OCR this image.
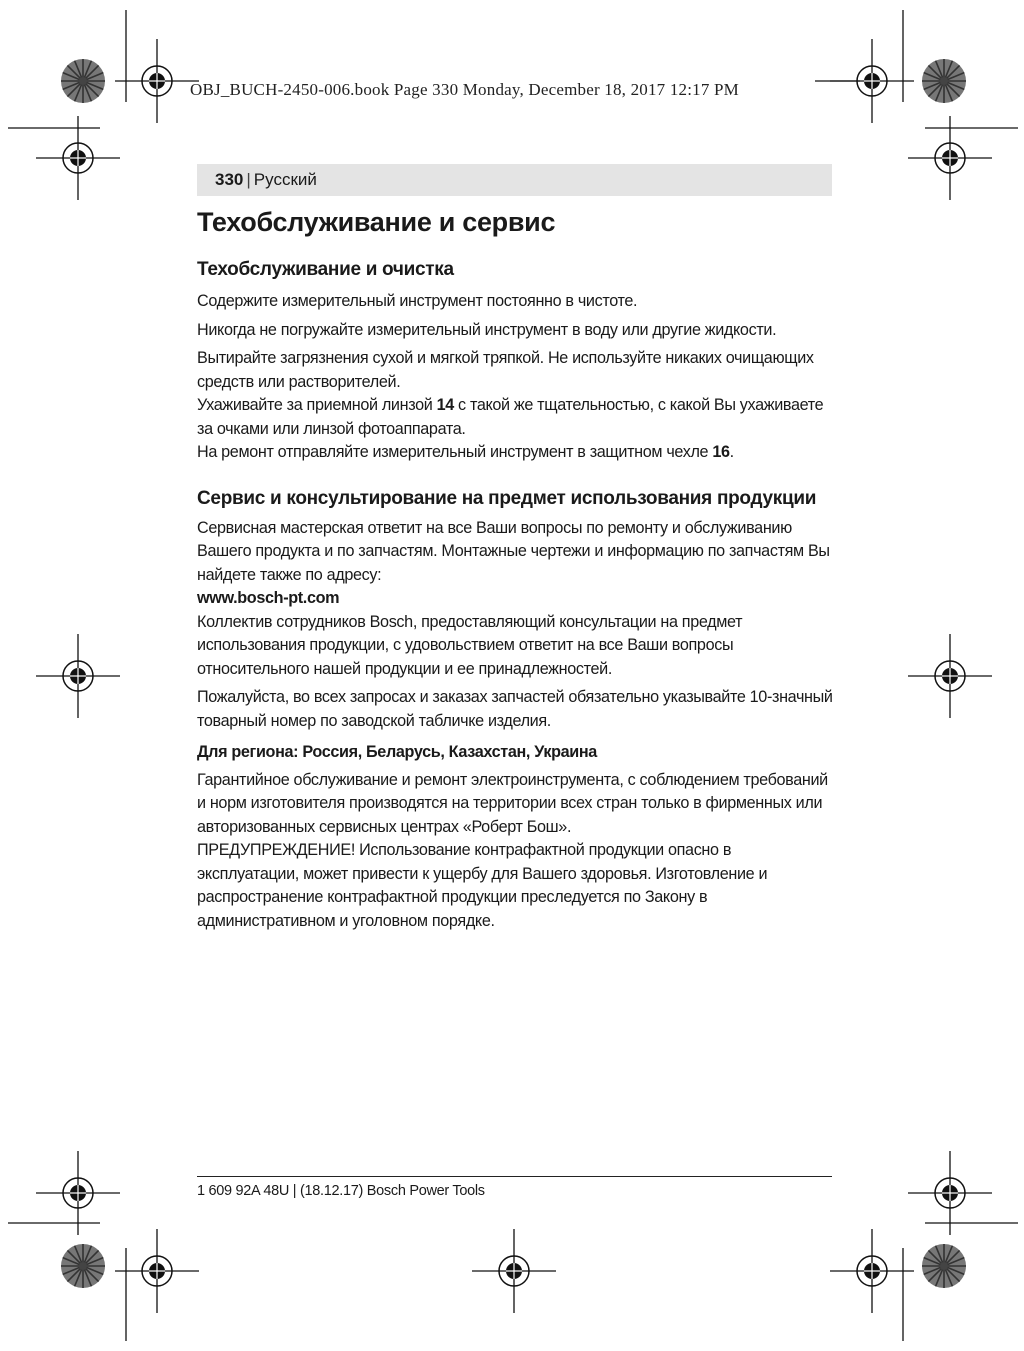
OBJ_BUCH-2450-006.book Page 330 Monday, December 18, 2017 12:17 PM
330 | Русский
Техобслуживание и сервис
Техобслуживание и очистка

Содержите измерительный инструмент постоянно в чистоте.

Никогда не погружайте измерительный инструмент в воду или другие жидкости.

Вытирайте загрязнения сухой и мягкой тряпкой. Не используйте никаких очищающих средств или растворителей.

Ухаживайте за приемной линзой 14 с такой же тщательностью, с какой Вы ухаживаете за очками или линзой фотоаппарата.

На ремонт отправляйте измерительный инструмент в защитном чехле 16.

Сервис и консультирование на предмет использования продукции

Сервисная мастерская ответит на все Ваши вопросы по ремонту и обслуживанию Вашего продукта и по запчастям. Монтажные чертежи и информацию по запчастям Вы найдете также по адресу:

www.bosch-pt.com

Коллектив сотрудников Bosch, предоставляющий консультации на предмет использования продукции, с удовольствием ответит на все Ваши вопросы относительного нашей продукции и ее принадлежностей.

Пожалуйста, во всех запросах и заказах запчастей обязательно указывайте 10-значный товарный номер по заводской табличке изделия.

Для региона: Россия, Беларусь, Казахстан, Украина

Гарантийное обслуживание и ремонт электроинструмента, с соблюдением требований и норм изготовителя производятся на территории всех стран только в фирменных или авторизованных сервисных центрах «Роберт Бош».

ПРЕДУПРЕЖДЕНИЕ! Использование контрафактной продукции опасно в эксплуатации, может привести к ущербу для Вашего здоровья. Изготовление и распространение контрафактной продукции преследуется по Закону в административном и уголовном порядке.

1 609 92A 48U | (18.12.17) Bosch Power Tools
